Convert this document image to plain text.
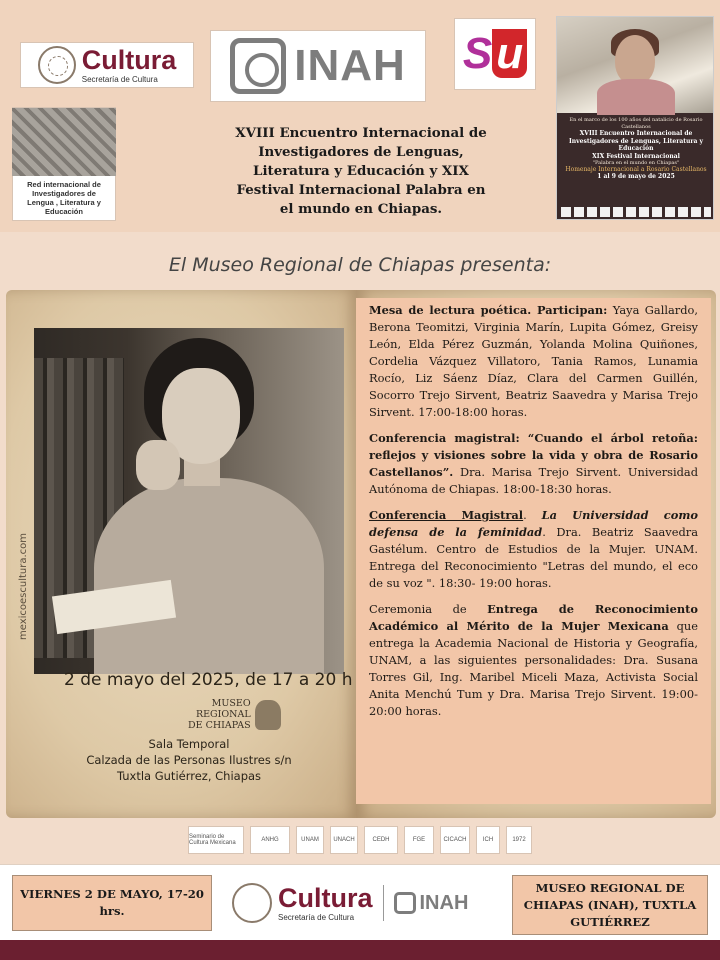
Cultura
Secretaría de Cultura	INAH Su
Red internacional de Investigadores de Lengua , Literatura y Educación
XVIII Encuentro Internacional de Investigadores de Lenguas, Literatura y Educación y XIX Festival Internacional Palabra en el mundo en Chiapas.
En el marco de los 100 años del natalicio de Rosario Castellanos
XVIII Encuentro Internacional de Investigadores de Lenguas, Literatura y Educación
XIX Festival Internacional
"Palabra en el mundo en Chiapas"
Homenaje Internacional a Rosario Castellanos
1 al 9 de mayo de 2025
El Museo Regional de Chiapas presenta:
mexicoescultura.com
2 de mayo del 2025, de 17 a 20 h
MUSEO
REGIONAL
DE CHIAPAS
Sala Temporal
Calzada de las Personas Ilustres s/n
Tuxtla Gutiérrez, Chiapas

Mesa de lectura poética. Participan: Yaya Gallardo, Berona Teomitzi, Virginia Marín, Lupita Gómez, Greisy León, Elda Pérez Guzmán, Yolanda Molina Quiñones, Cordelia Vázquez Villatoro, Tania Ramos, Lunamia Rocío, Liz Sáenz Díaz, Clara del Carmen Guillén, Socorro Trejo Sirvent, Beatriz Saavedra y Marisa Trejo Sirvent. 17:00-18:00 horas.

Conferencia magistral: “Cuando el árbol retoña: reflejos y visiones sobre la vida y obra de Rosario Castellanos”. Dra. Marisa Trejo Sirvent. Universidad Autónoma de Chiapas. 18:00-18:30 horas.

Conferencia Magistral. La Universidad como defensa de la feminidad. Dra. Beatriz Saavedra Gastélum. Centro de Estudios de la Mujer. UNAM. Entrega del Reconocimiento "Letras del mundo, el eco de su voz ". 18:30- 19:00 horas.

Ceremonia de Entrega de Reconocimiento Académico al Mérito de la Mujer Mexicana que entrega la Academia Nacional de Historia y Geografía, UNAM, a las siguientes personalidades: Dra. Susana Torres Gil, Ing. Maribel Miceli Maza, Activista Social Anita Menchú Tum y Dra. Marisa Trejo Sirvent. 19:00-20:00 horas.

Seminario de Cultura Mexicana	ANHG	UNAM	UNACH	CEDH	FGE	CICACH	ICH	1972
VIERNES 2 DE MAYO, 17-20 hrs.	Cultura
Secretaría de Cultura
INAH
MUSEO REGIONAL DE CHIAPAS (INAH), TUXTLA GUTIÉRREZ
